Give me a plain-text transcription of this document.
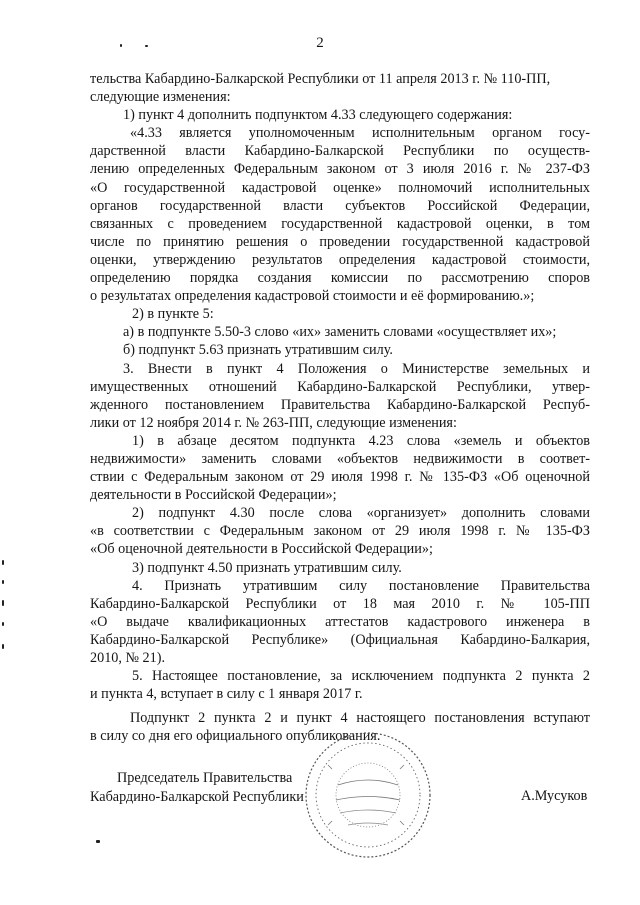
2
тельства Кабардино-Балкарской Республики от 11 апреля 2013 г. № 110-ПП,
следующие изменения:
1) пункт 4 дополнить подпунктом 4.33 следующего содержания:
«4.33 является уполномоченным исполнительным органом госу-
дарственной власти Кабардино-Балкарской Республики по осуществ-
лению определенных Федеральным законом от 3 июля 2016 г. № 237-ФЗ
«О государственной кадастровой оценке» полномочий исполнительных
органов государственной власти субъектов Российской Федерации,
связанных с проведением государственной кадастровой оценки, в том
числе по принятию решения о проведении государственной кадастровой
оценки, утверждению результатов определения кадастровой стоимости,
определению порядка создания комиссии по рассмотрению споров
о результатах определения кадастровой стоимости и её формированию.»;
2) в пункте 5:
а) в подпункте 5.50-3 слово «их» заменить словами «осуществляет их»;
б) подпункт 5.63 признать утратившим силу.
3. Внести в пункт 4 Положения о Министерстве земельных и
имущественных отношений Кабардино-Балкарской Республики, утвер-
жденного постановлением Правительства Кабардино-Балкарской Респуб-
лики от 12 ноября 2014 г. № 263-ПП, следующие изменения:
1) в абзаце десятом подпункта 4.23 слова «земель и объектов
недвижимости» заменить словами «объектов недвижимости в соответ-
ствии с Федеральным законом от 29 июля 1998 г. № 135-ФЗ «Об оценочной
деятельности в Российской Федерации»;
2) подпункт 4.30 после слова «организует» дополнить словами
«в соответствии с Федеральным законом от 29 июля 1998 г. № 135-ФЗ
«Об оценочной деятельности в Российской Федерации»;
3) подпункт 4.50 признать утратившим силу.
4. Признать утратившим силу постановление Правительства
Кабардино-Балкарской Республики от 18 мая 2010 г. № 105-ПП
«О выдаче квалификационных аттестатов кадастрового инженера в
Кабардино-Балкарской Республике» (Официальная Кабардино-Балкария,
2010, № 21).
5. Настоящее постановление, за исключением подпункта 2 пункта 2
и пункта 4, вступает в силу с 1 января 2017 г.
Подпункт 2 пункта 2 и пункт 4 настоящего постановления вступают
в силу со дня его официального опубликования.
Председатель Правительства
Кабардино-Балкарской Республики	А.Мусуков
